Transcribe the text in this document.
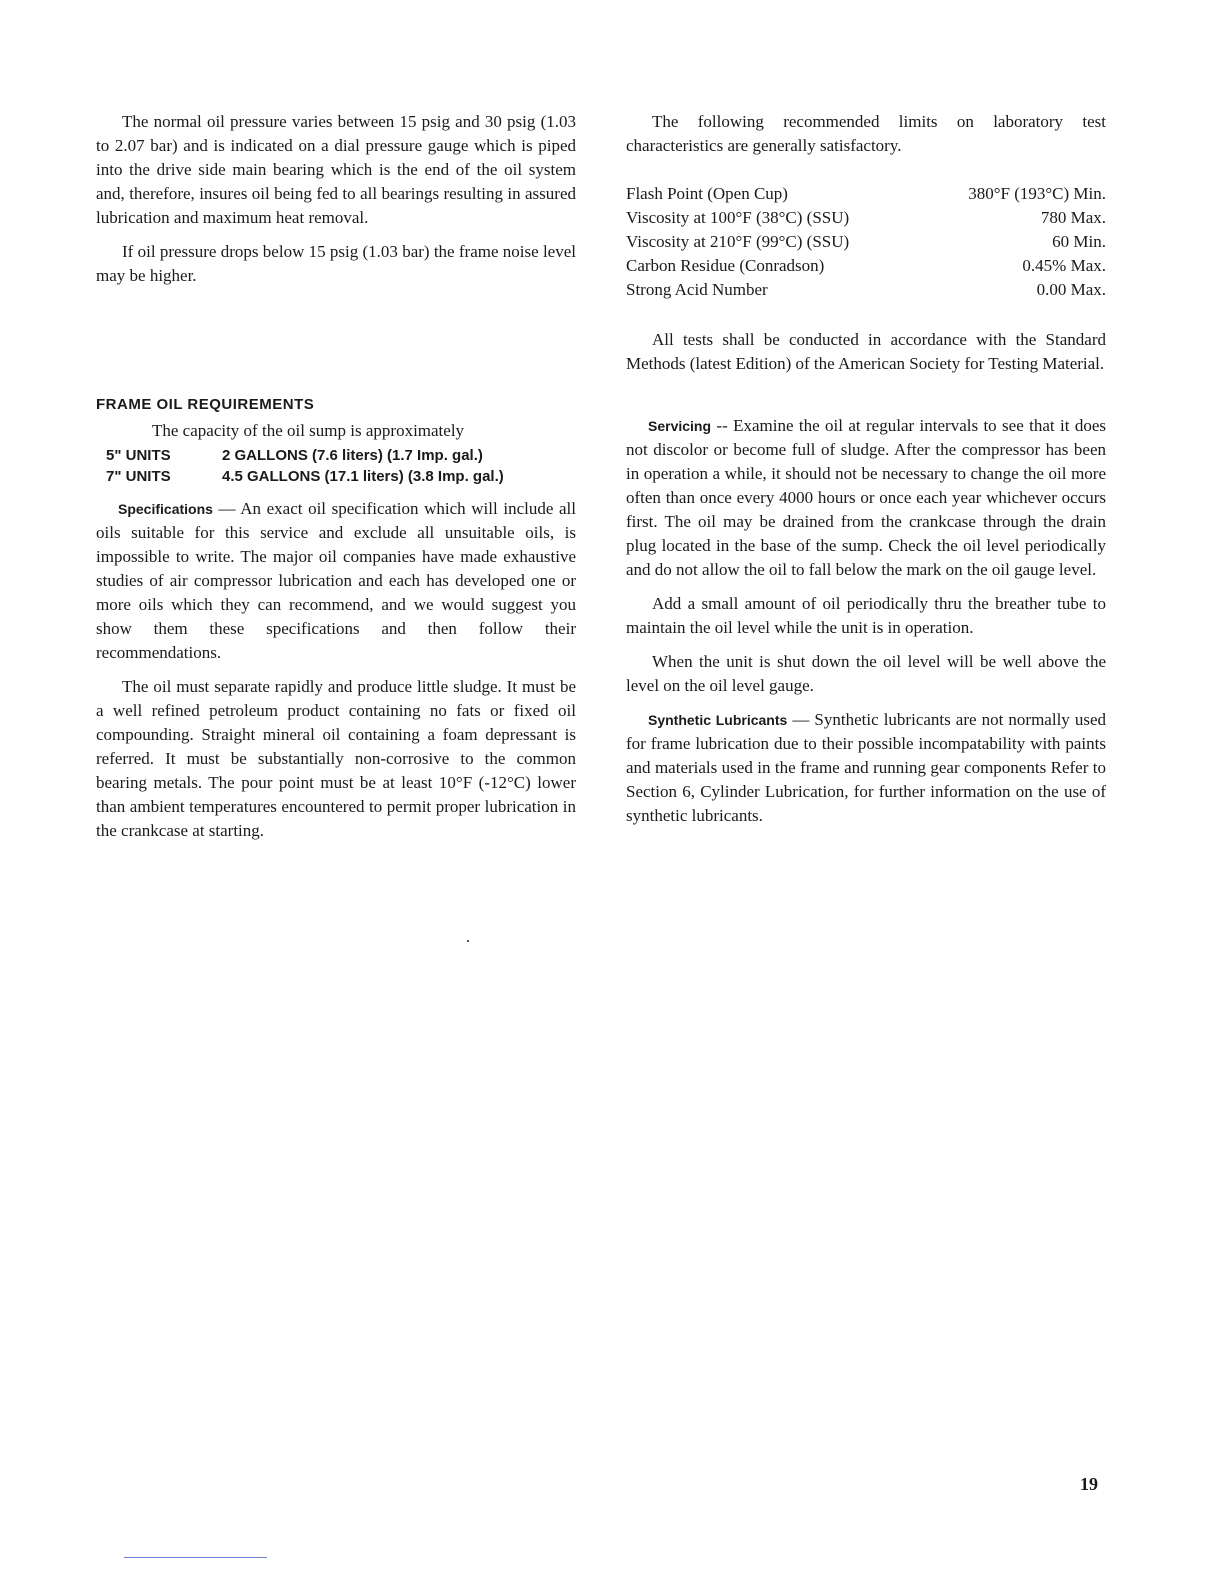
The normal oil pressure varies between 15 psig and 30 psig (1.03 to 2.07 bar) and is indicated on a dial pressure gauge which is piped into the drive side main bearing which is the end of the oil system and, therefore, insures oil being fed to all bearings resulting in assured lubrication and maximum heat removal.

If oil pressure drops below 15 psig (1.03 bar) the frame noise level may be higher.

FRAME OIL REQUIREMENTS

The capacity of the oil sump is approximately

5" UNITS	2 GALLONS (7.6 liters) (1.7 Imp. gal.)
7" UNITS	4.5 GALLONS (17.1 liters) (3.8 Imp. gal.)

Specifications — An exact oil specification which will include all oils suitable for this service and exclude all unsuitable oils, is impossible to write. The major oil companies have made exhaustive studies of air compressor lubrication and each has developed one or more oils which they can recommend, and we would suggest you show them these specifications and then follow their recommendations.

The oil must separate rapidly and produce little sludge. It must be a well refined petroleum product containing no fats or fixed oil compounding. Straight mineral oil containing a foam depressant is referred. It must be substantially non-corrosive to the common bearing metals. The pour point must be at least 10°F (-12°C) lower than ambient temperatures encountered to permit proper lubrication in the crankcase at starting.

The following recommended limits on laboratory test characteristics are generally satisfactory.

Flash Point (Open Cup)	380°F (193°C) Min.
Viscosity at 100°F (38°C) (SSU)	780 Max.
Viscosity at 210°F (99°C) (SSU)	60 Min.
Carbon Residue (Conradson)	0.45% Max.
Strong Acid Number	0.00 Max.

All tests shall be conducted in accordance with the Standard Methods (latest Edition) of the American Society for Testing Material.

Servicing -- Examine the oil at regular intervals to see that it does not discolor or become full of sludge. After the compressor has been in operation a while, it should not be necessary to change the oil more often than once every 4000 hours or once each year whichever occurs first. The oil may be drained from the crankcase through the drain plug located in the base of the sump. Check the oil level periodically and do not allow the oil to fall below the mark on the oil gauge level.

Add a small amount of oil periodically thru the breather tube to maintain the oil level while the unit is in operation.

When the unit is shut down the oil level will be well above the level on the oil level gauge.

Synthetic Lubricants — Synthetic lubricants are not normally used for frame lubrication due to their possible incompatability with paints and materials used in the frame and running gear components Refer to Section 6, Cylinder Lubrication, for further information on the use of synthetic lubricants.

19
